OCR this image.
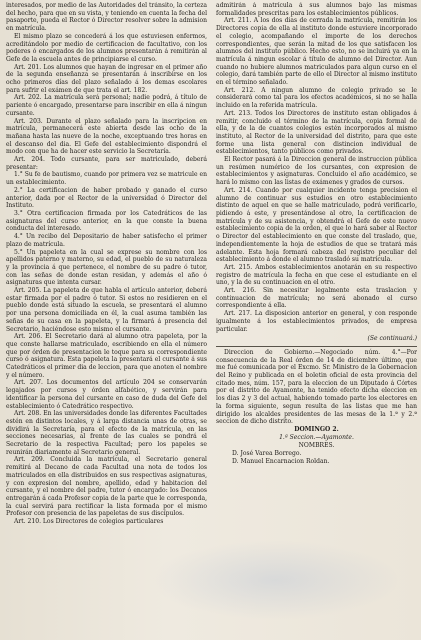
interesados, por medio de las Autoridades del tránsito, la certeza del hecho, para que en su vista, y teniendo en cuenta la fecha del pasaporte, pueda el Rector ó Director resolver sobre la admision en matrícula.

El mismo plazo se concederá á los que estuviesen enfermos, acreditándolo por medio de certificacion de facultativo, con los poderes ó encargados de los alumnos presentarán á remitirán al Gefe de la escuela antes de principiarse el curso.

Art. 201. Los alumnos que hayan de ingresar en el primer año de la segunda enseñanza se presentarán á inscribirse en los ocho primeros días del plazo señalado á los demas escolares para sufrir el exámen de que trata el art. 182.

Art. 202. La matrícula será personal; nadie podrá, á título de pariente ó encargado, presentarse para inscribir en ella á ningun cursante.

Art. 203. Durante el plazo señalado para la inscripcion en matrícula, permanecerá este abierta desde las ocho de la mañana hasta las nueve de la noche, exceptuando tres horas en el descanso del dia. El Gefe del establecimiento dispondrá el modo con que ha de hacer este servicio la Secretaría.

Art. 204. Todo cursante, para ser matriculado, deberá presentar:

1.° Su fe de bautismo, cuando por primera vez se matricule en un establecimiento.

2.° La certificacion de haber probado y ganado el curso anterior, dada por el Rector de la universidad ó Director del Instituto.

3.° Otra certificacion firmada por los Catedráticos de las asignaturas del curso anterior, en la que conste la buena conducta del interesado.

4.° Un recibo del Depositario de haber satisfecho el primer plazo de matrícula.

5.° Un papeleta en la cual se exprese su nombre con los apellidos paterno y materno, su edad, el pueblo de su naturaleza y la provincia á que pertenece, el nombre de su padre ó tutor, con las señas de donde estan residan, y además el año ó asignaturas que intenta cursar.

Art. 205. La papeleta de que habla el artículo anterior, deberá estar firmada por el padre ó tutor. Si estos no residieren en el pueblo donde está situado la escuela, se presentará el alumno por una persona domiciliada en él, la cual asuma también las señas de su casa en la papeleta, y la firmará á presencia del Secretario, haciéndose esto mismo el cursante.

Art. 206. El Secretario dará al alumno otra papeleta, por la que conste hallarse matriculado, escribiendo en ella el número que por órden de presentacion le toque para su correspondiente curso ó asignatura. Esta papeleta la presentará el cursante á sus Catedráticos el primer dia de leccion, para que anoten el nombre y el número.

Art. 207. Los documentos del artículo 204 se conservarán legajados por cursos y órden alfabético, y servirán para identificar la persona del cursante en caso de duda del Gefe del establecimiento ó Catedrático respectivo.

Art. 208. En las universidades donde las diferentes Facultades estén en distintos locales, y á larga distancia unas de otras, se dividirá la Secretaría, para el efecto de la matrícula, en las secciones necesarias, al frente de las cuales se pondrá el Secretario de la respectiva Facultad; pero los papeles se reunirán diariamente al Secretario general.

Art. 209. Concluida la matrícula, el Secretario general remitirá al Decano de cada Facultad una nota de todos los matriculados en ella distribuidos en sus respectivas asignaturas, y con expresion del nombre, apellido, edad y habitacion del cursante, y el nombre del padre, tutor ó encargado: los Decanos entregarán á cada Profesor copia de la parte que le corresponda, la cual servirá para rectificar la lista formada por el mismo Profesor con presencia de las papeletas de sus discípulos.

Art. 210. Los Directores de colegios particulares

admitirán á matrícula á sus alumnos bajo las mismas formalidades prescritas para los establecimientos públicos.

Art. 211. A los dos dias de cerrada la matrícula, remitirán los Directores copia de ella al instituto donde estuviere incorporado el colegio, acompañando el importe de los derechos correspondientes, que serán la mitad de los que satisfacen los alumnos del instituto público. Hecho esto, no se incluirá ya en la matrícula á ningun escolar á título de alumno del Director. Aun cuando no hubiere alumnos matriculados para algun curso en el colegio, dará también parte de ello el Director al mismo instituto en el término señalado.

Art. 212. A ningun alumno de colegio privado se le considerará como tal para los efectos académicos, si no se halla incluido en la referida matrícula.

Art. 213. Todos los Directores de instituto estan obligados á remitir, concluido el término de la matrícula, copia formal de ella, y de la de cuantos colegios estén incorporados al mismo instituto, al Rector de la universidad del distrito, para que este forme una lista general con distincion individual de establecimientos, tanto públicos como privados.

El Rector pasará á la Direccion general de instruccion pública un resúmen numérico de los cursantes, con expresion de establecimientos y asignaturas. Concluido el año académico, se hará lo mismo con las listas de exámenes y grados de cursos.

Art. 214. Cuando por cualquier incidente tenga precision el alumno de continuar sus estudios en otro establecimiento distinto de aquel en que se halle matriculado, podrá verificarlo, pidiendo á este, y presentándose al otro, la certificacion de matrícula y de su asistencia, y obtendrá el Gefe de este nuevo establecimiento copia de la orden, el que lo hará saber al Rector o Director del establecimiento en que conste del traslado, que, independientemente la hoja de estudios de que se tratará más adelante. Esta hoja formará cabeza del registro peculiar del establecimiento á donde el alumno trasladó su matrícula.

Art. 215. Ambos establecimientos anotarán en su respectivo registro de matrícula la fecha en que cese el estudiante en el uno, y la de su continuacion en el otro.

Art. 216. Sin necesitar legalmente esta traslacion y continuacion de matrícula; no será abonado el curso correspondiente á ella.

Art. 217. La disposicion anterior en general, y con responde igualmente á los establecimientos privados, de empresa particular.

(Se continuará.)

Direccion de Gobierno.—Negociado núm. 4.°—Por consecuencia de la Real órden de 14 de diciembre último, que me fué comunicada por el Excmo. Sr. Ministro de la Gobernacion del Reino y publicada en el boletin oficial de esta provincia del citado mes, núm. 157, para la eleccion de un Diputado á Córtes por el distrito de Ayamonte, ha tenido efecto dicha eleccion en los dias 2 y 3 del actual, habiendo tomado parte los electores en la forma siguiente, segun resulta de las listas que me han dirigido los alcaldes presidentes de las mesas de la 1.ª y 2.ª seccion de dicho distrito.

DOMINGO 2.

1.ª Seccion.—Ayamonte.

NOMBRES.

D. José Varea Borrego.

D. Manuel Encarnacion Roldan.
